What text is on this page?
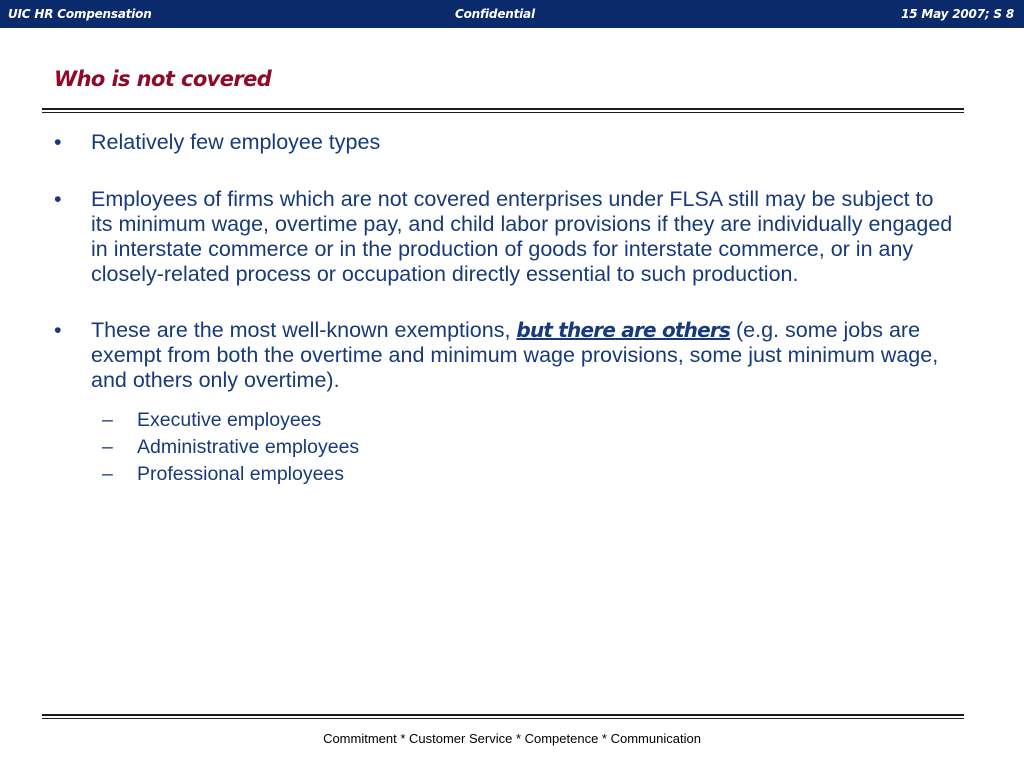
UIC HR Compensation	Confidential	15 May 2007; S 8
Who is not covered

•	Relatively few employee types

•	Employees of firms which are not covered enterprises under FLSA still may be subject to its minimum wage, overtime pay, and child labor provisions if they are individually engaged in interstate commerce or in the production of goods for interstate commerce, or in any closely-related process or occupation directly essential to such production.

•	These are the most well-known exemptions, but there are others (e.g. some jobs are exempt from both the overtime and minimum wage provisions, some just minimum wage, and others only overtime).

– Executive employees

– Administrative employees

– Professional employees

Commitment * Customer Service * Competence * Communication
